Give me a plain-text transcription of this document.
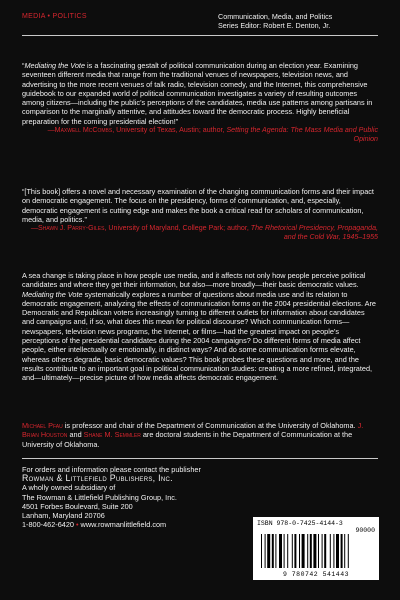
MEDIA • POLITICS	Communication, Media, and Politics
Series Editor: Robert E. Denton, Jr.
“Mediating the Vote is a fascinating gestalt of political communication during an election year. Examining seventeen different media that range from the traditional venues of newspapers, television news, and advertising to the more recent venues of talk radio, television comedy, and the Internet, this comprehensive guidebook to our expanded world of political communication investigates a variety of resulting outcomes among citizens—including the public’s perceptions of the candidates, media use patterns among partisans in comparison to the marginally attentive, and attitudes toward the democratic process. Highly beneficial preparation for the coming presidential election!”
—Maxwell McCombs, University of Texas, Austin; author, Setting the Agenda: The Mass Media and Public Opinion
“[This book] offers a novel and necessary examination of the changing communication forms and their impact on democratic engagement. The focus on the presidency, forms of communication, and, especially, democratic engagement is cutting edge and makes the book a critical read for scholars of communication, media, and politics.”
—Shawn J. Parry-Giles, University of Maryland, College Park; author, The Rhetorical Presidency, Propaganda, and the Cold War, 1945–1955
A sea change is taking place in how people use media, and it affects not only how people perceive political candidates and where they get their information, but also—more broadly—their basic democratic values. Mediating the Vote systematically explores a number of questions about media use and its relation to democratic engagement, analyzing the effects of communication forms on the 2004 presidential elections. Are Democratic and Republican voters increasingly turning to different outlets for information about candidates and campaigns and, if so, what does this mean for political discourse? Which communication forms—newspapers, television news programs, the Internet, or films—had the greatest impact on people’s perceptions of the presidential candidates during the 2004 campaigns? Do different forms of media affect people, either intellectually or emotionally, in distinct ways? And do some communication forms elevate, whereas others degrade, basic democratic values? This book probes these questions and more, and the results contribute to an important goal in political communication studies: creating a more refined, integrated, and—ultimately—precise picture of how media affects democratic engagement.
Michael Pfau is professor and chair of the Department of Communication at the University of Oklahoma. J. Brian Houston and Shane M. Semmler are doctoral students in the Department of Communication at the University of Oklahoma.
For orders and information please contact the publisher
Rowman & Littlefield Publishers, Inc.
A wholly owned subsidiary of
The Rowman & Littlefield Publishing Group, Inc.
4501 Forbes Boulevard, Suite 200
Lanham, Maryland 20706
1-800-462-6420 • www.rowmanlittlefield.com	ISBN 978-0-7425-4144-3
90000
9 780742 541443
